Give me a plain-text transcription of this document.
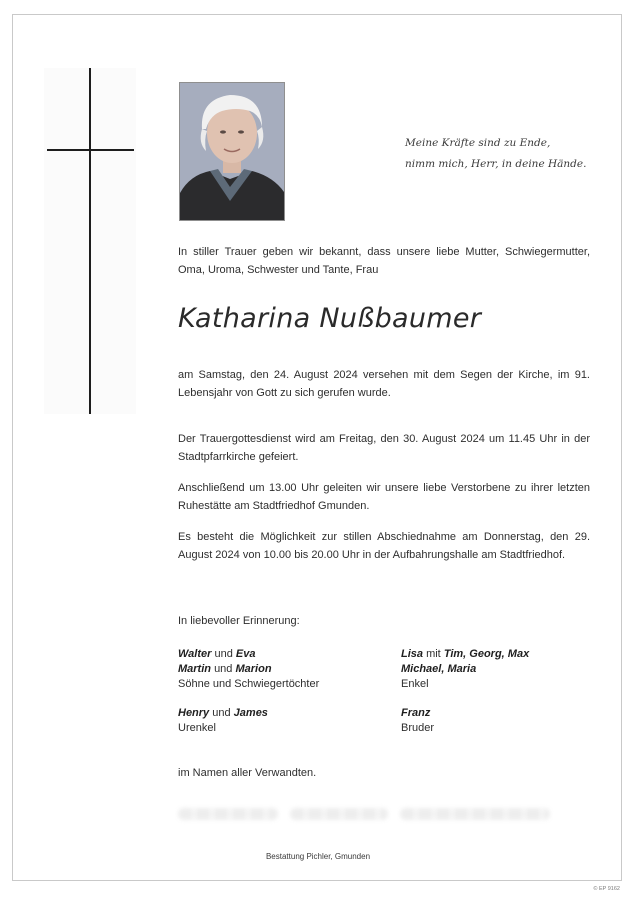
Meine Kräfte sind zu Ende,
nimm mich, Herr, in deine Hände.
In stiller Trauer geben wir bekannt, dass unsere liebe Mutter, Schwiegermutter, Oma, Uroma, Schwester und Tante, Frau
Katharina Nußbaumer
am Samstag, den 24. August 2024 versehen mit dem Segen der Kirche, im 91. Lebensjahr von Gott zu sich gerufen wurde.
Der Trauergottesdienst wird am Freitag, den 30. August 2024 um 11.45 Uhr in der Stadtpfarrkirche gefeiert.
Anschließend um 13.00 Uhr geleiten wir unsere liebe Verstorbene zu ihrer letzten Ruhestätte am Stadtfriedhof Gmunden.
Es besteht die Möglichkeit zur stillen Abschiednahme am Donnerstag, den 29. August 2024 von 10.00 bis 20.00 Uhr in der Aufbahrungshalle am Stadtfriedhof.
In liebevoller Erinnerung:
Walter und Eva
Martin und Marion
Söhne und Schwiegertöchter
Henry und James
Urenkel
Lisa mit Tim, Georg, Max
Michael, Maria
Enkel
Franz
Bruder
im Namen aller Verwandten.
Bestattung Pichler, Gmunden
© EP 9162
